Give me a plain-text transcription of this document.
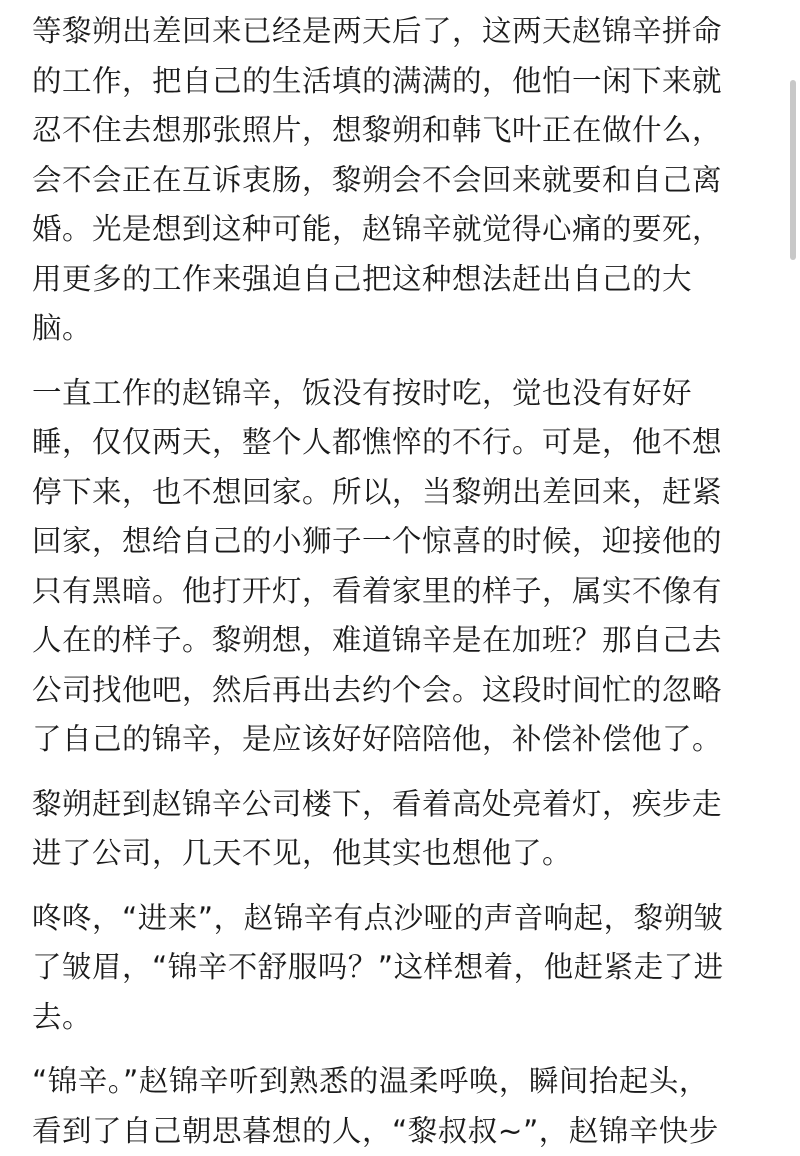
等黎朔出差回来已经是两天后了，这两天赵锦辛拼命
的工作，把自己的生活填的满满的，他怕一闲下来就
忍不住去想那张照片，想黎朔和韩飞叶正在做什么，
会不会正在互诉衷肠，黎朔会不会回来就要和自己离
婚。光是想到这种可能，赵锦辛就觉得心痛的要死，
用更多的工作来强迫自己把这种想法赶出自己的大
脑。
一直工作的赵锦辛，饭没有按时吃，觉也没有好好
睡，仅仅两天，整个人都憔悴的不行。可是，他不想
停下来，也不想回家。所以，当黎朔出差回来，赶紧
回家，想给自己的小狮子一个惊喜的时候，迎接他的
只有黑暗。他打开灯，看着家里的样子，属实不像有
人在的样子。黎朔想，难道锦辛是在加班？那自己去
公司找他吧，然后再出去约个会。这段时间忙的忽略
了自己的锦辛，是应该好好陪陪他，补偿补偿他了。
黎朔赶到赵锦辛公司楼下，看着高处亮着灯，疾步走
进了公司，几天不见，他其实也想他了。
咚咚，“进来”，赵锦辛有点沙哑的声音响起，黎朔皱
了皱眉，“锦辛不舒服吗？”这样想着，他赶紧走了进
去。
“锦辛。”赵锦辛听到熟悉的温柔呼唤，瞬间抬起头，
看到了自己朝思暮想的人，“黎叔叔~”，赵锦辛快步
